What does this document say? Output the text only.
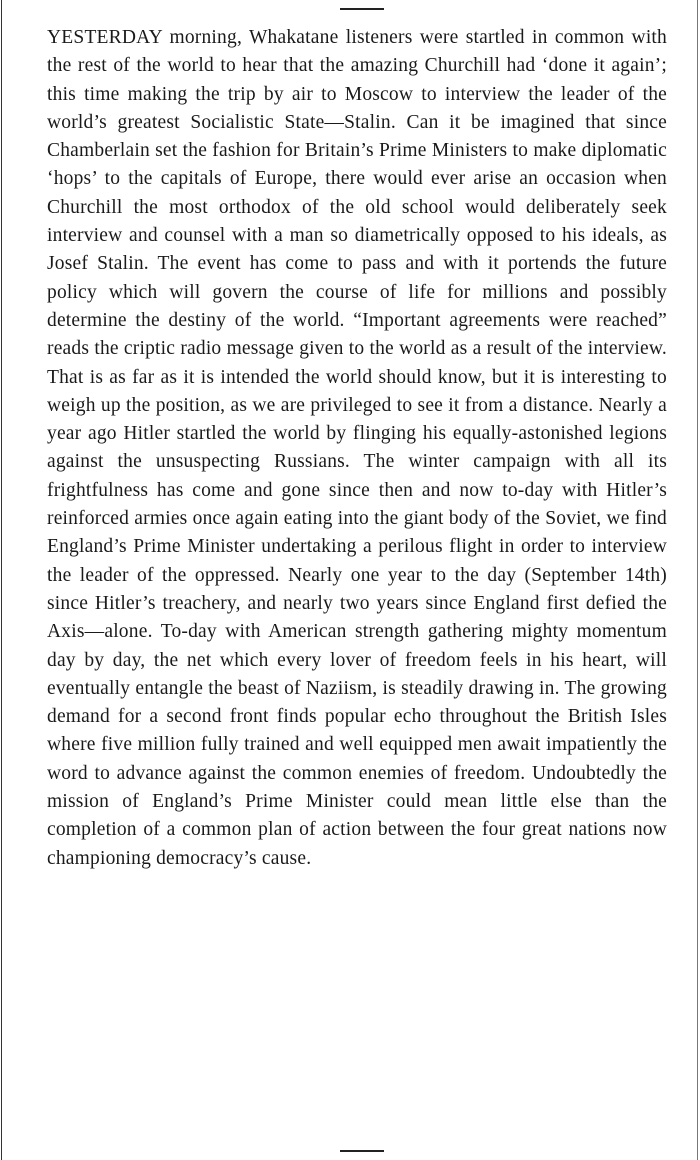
YESTERDAY morning, Whakatane listeners were startled in common with the rest of the world to hear that the amazing Churchill had ‘done it again’; this time making the trip by air to Moscow to interview the leader of the world’s greatest Socialistic State—Stalin. Can it be imagined that since Chamberlain set the fashion for Britain’s Prime Ministers to make diplomatic ‘hops’ to the capitals of Europe, there would ever arise an occasion when Churchill the most orthodox of the old school would deliberately seek interview and counsel with a man so diametrically opposed to his ideals, as Josef Stalin. The event has come to pass and with it portends the future policy which will govern the course of life for millions and possibly determine the destiny of the world. “Important agreements were reached” reads the criptic radio message given to the world as a result of the interview. That is as far as it is intended the world should know, but it is interesting to weigh up the position, as we are privileged to see it from a distance. Nearly a year ago Hitler startled the world by flinging his equally-astonished legions against the unsuspecting Russians. The winter campaign with all its frightfulness has come and gone since then and now to-day with Hitler’s reinforced armies once again eating into the giant body of the Soviet, we find England’s Prime Minister undertaking a perilous flight in order to interview the leader of the oppressed. Nearly one year to the day (September 14th) since Hitler’s treachery, and nearly two years since England first defied the Axis—alone. To-day with American strength gathering mighty momentum day by day, the net which every lover of freedom feels in his heart, will eventually entangle the beast of Naziism, is steadily drawing in. The growing demand for a second front finds popular echo throughout the British Isles where five million fully trained and well equipped men await impatiently the word to advance against the common enemies of freedom. Undoubtedly the mission of England’s Prime Minister could mean little else than the completion of a common plan of action between the four great nations now championing democracy’s cause.
